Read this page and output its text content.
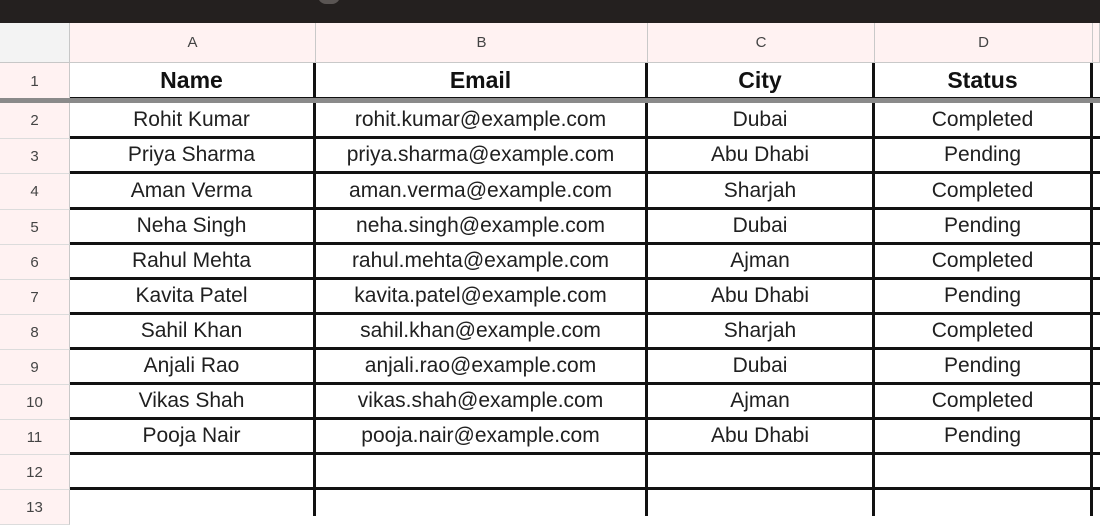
A	B	C	D
1
2
3
4
5
6
7
8
9
10
11
12
13
Name	Email	City	Status
Rohit Kumar	rohit.kumar@example.com	Dubai	Completed
Priya Sharma	priya.sharma@example.com	Abu Dhabi	Pending
Aman Verma	aman.verma@example.com	Sharjah	Completed
Neha Singh	neha.singh@example.com	Dubai	Pending
Rahul Mehta	rahul.mehta@example.com	Ajman	Completed
Kavita Patel	kavita.patel@example.com	Abu Dhabi	Pending
Sahil Khan	sahil.khan@example.com	Sharjah	Completed
Anjali Rao	anjali.rao@example.com	Dubai	Pending
Vikas Shah	vikas.shah@example.com	Ajman	Completed
Pooja Nair	pooja.nair@example.com	Abu Dhabi	Pending
